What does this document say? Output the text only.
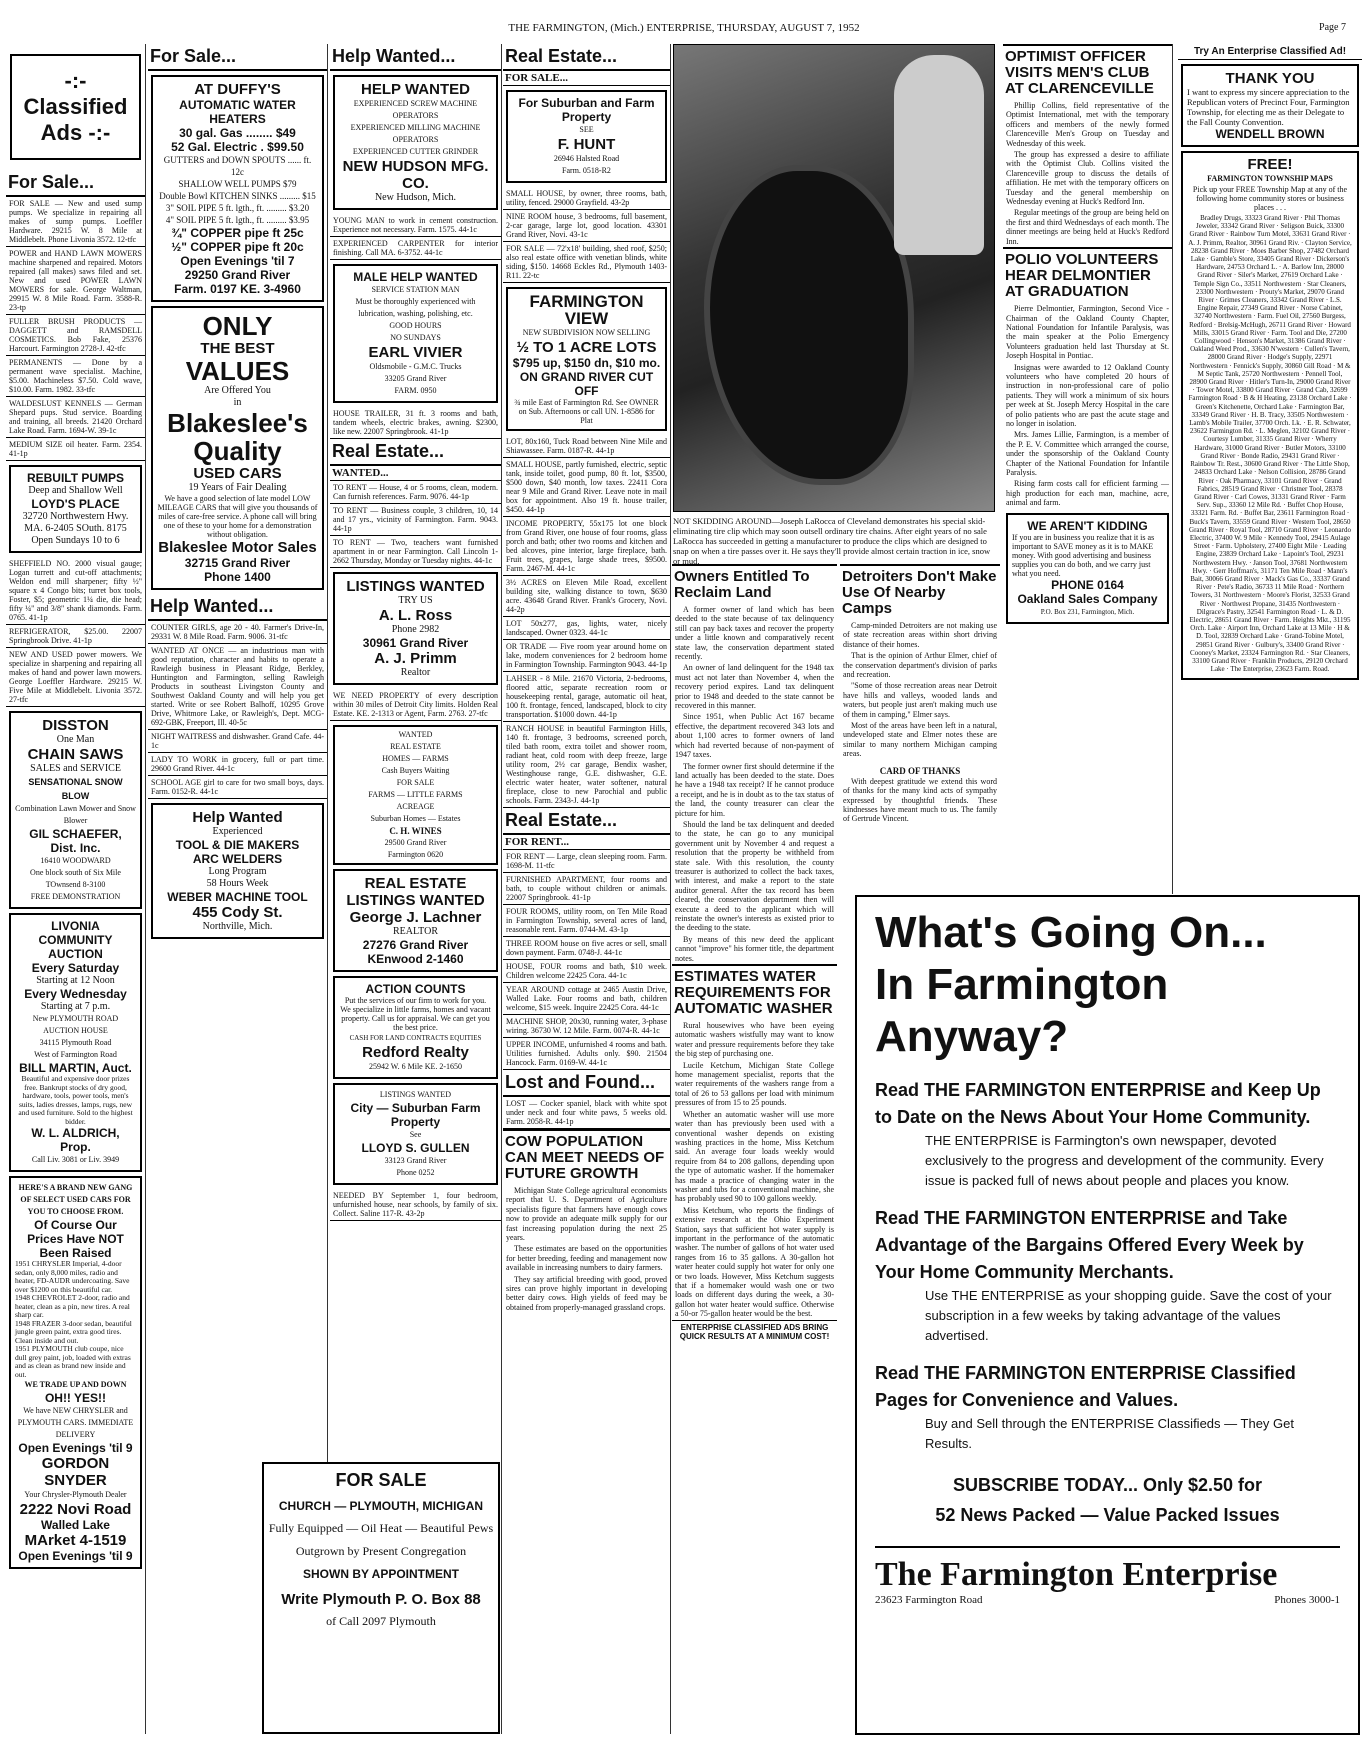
THE FARMINGTON, (Mich.) ENTERPRISE, THURSDAY, AUGUST 7, 1952	Page 7
-:- Classified Ads -:-
For Sale...
FOR SALE — New and used sump pumps. We specialize in repairing all makes of sump pumps. Loeffler Hardware. 29215 W. 8 Mile at Middlebelt. Phone Livonia 3572. 12-tfc
POWER and HAND LAWN MOWERS machine sharpened and repaired. Motors repaired (all makes) saws filed and set. New and used POWER LAWN MOWERS for sale. George Waltman, 29915 W. 8 Mile Road. Farm. 3588-R. 23-tp
FULLER BRUSH PRODUCTS — DAGGETT and RAMSDELL COSMETICS. Bob Fake, 25376 Harcourt. Farmington 2728-J. 42-tfc
PERMANENTS — Done by a permanent wave specialist. Machine, $5.00. Machineless $7.50. Cold wave, $10.00. Farm. 1982. 33-tfc
WALDESLUST KENNELS — German Shepard pups. Stud service. Boarding and training, all breeds. 21420 Orchard Lake Road. Farm. 1694-W. 39-1c
MEDIUM SIZE oil heater. Farm. 2354. 41-1p
REBUILT PUMPS
Deep and Shallow Well
LOYD'S PLACE
32720 Northwestern Hwy.
MA. 6-2405 SOuth. 8175
Open Sundays 10 to 6
SHEFFIELD NO. 2000 visual gauge; Logan turrett and cut-off attachments; Weldon end mill sharpener; fifty ½" square x 4 Congo bits; turret box tools, Foster, $5; geometric 1¼ die, die head; fifty ¼" and 3/8" shank diamonds. Farm. 0765. 41-1p
REFRIGERATOR, $25.00. 22007 Springbrook Drive. 41-1p
NEW AND USED power mowers. We specialize in sharpening and repairing all makes of hand and power lawn mowers. George Loeffler Hardware. 29215 W. Five Mile at Middlebelt. Livonia 3572. 27-tfc
DISSTON
One Man
CHAIN SAWS
SALES and SERVICE
SENSATIONAL SNOW BLOW
Combination Lawn Mower and Snow Blower
GIL SCHAEFER,
Dist. Inc.
16410 WOODWARD
One block south of Six Mile
TOwnsend 8-3100
FREE DEMONSTRATION
LIVONIA COMMUNITY AUCTION
Every Saturday
Starting at 12 Noon
Every Wednesday
Starting at 7 p.m.
New PLYMOUTH ROAD AUCTION HOUSE
34115 Plymouth Road
West of Farmington Road
BILL MARTIN, Auct.
Beautiful and expensive door prizes free. Bankrupt stocks of dry good, hardware, tools, power tools, men's suits, ladies dresses, lamps, rugs, new and used furniture. Sold to the highest bidder.
W. L. ALDRICH, Prop.
Call Liv. 3081 or Liv. 3949
HERE'S A BRAND NEW GANG OF SELECT USED CARS FOR YOU TO CHOOSE FROM.
Of Course Our Prices Have NOT Been Raised
1951 CHRYSLER Imperial, 4-door sedan, only 8,000 miles, radio and heater, FD-AUDR undercoating. Save over $1200 on this beautiful car.
1948 CHEVROLET 2-door, radio and heater, clean as a pin, new tires. A real sharp car.
1948 FRAZER 3-door sedan, beautiful jungle green paint, extra good tires. Clean inside and out.
1951 PLYMOUTH club coupe, nice dull grey paint, job, loaded with extras and as clean as brand new inside and out.
WE TRADE UP AND DOWN
OH!! YES!!
We have NEW CHRYSLER and PLYMOUTH CARS. IMMEDIATE DELIVERY
Open Evenings 'til 9
GORDON SNYDER
Your Chrysler-Plymouth Dealer
2222 Novi Road
Walled Lake
MArket 4-1519
Open Evenings 'til 9
For Sale...
AT DUFFY'S
AUTOMATIC WATER HEATERS
30 gal. Gas ........ $49
52 Gal. Electric . $99.50
GUTTERS and DOWN SPOUTS ...... ft. 12c
SHALLOW WELL PUMPS $79
Double Bowl KITCHEN SINKS ......... $15
3" SOIL PIPE 5 ft. lgth., ft. ......... $3.20
4" SOIL PIPE 5 ft. lgth., ft. ......... $3.95
¾" COPPER pipe ft 25c
½" COPPER pipe ft 20c
Open Evenings 'til 7
29250 Grand River
Farm. 0197 KE. 3-4960
ONLY
THE BEST
VALUES
Are Offered You
in
Blakeslee's
Quality
USED CARS
19 Years of Fair Dealing
We have a good selection of late model LOW MILEAGE CARS that will give you thousands of miles of care-free service. A phone call will bring one of these to your home for a demonstration without obligation.
Blakeslee Motor Sales
32715 Grand River
Phone 1400
Help Wanted...
COUNTER GIRLS, age 20 - 40. Farmer's Drive-In, 29331 W. 8 Mile Road. Farm. 9006. 31-tfc
WANTED AT ONCE — an industrious man with good reputation, character and habits to operate a Rawleigh business in Pleasant Ridge, Berkley, Huntington and Farmington, selling Rawleigh Products in southeast Livingston County and Southwest Oakland County and will help you get started. Write or see Robert Balhoff, 10295 Grove Drive, Whitmore Lake, or Rawleigh's, Dept. MCG-692-GBK, Freeport, Ill. 40-5c
NIGHT WAITRESS and dishwasher. Grand Cafe. 44-1c
LADY TO WORK in grocery, full or part time. 29600 Grand River. 44-1c
SCHOOL AGE girl to care for two small boys, days. Farm. 0152-R. 44-1c
Help Wanted
Experienced
TOOL & DIE MAKERS
ARC WELDERS
Long Program
58 Hours Week
WEBER MACHINE TOOL
455 Cody St.
Northville, Mich.
Help Wanted...
HELP WANTED
EXPERIENCED SCREW MACHINE OPERATORS
EXPERIENCED MILLING MACHINE OPERATORS
EXPERIENCED CUTTER GRINDER
NEW HUDSON MFG. CO.
New Hudson, Mich.
YOUNG MAN to work in cement construction. Experience not necessary. Farm. 1575. 44-1c
EXPERIENCED CARPENTER for interior finishing. Call MA. 6-3752. 44-1c
MALE HELP WANTED
SERVICE STATION MAN
Must be thoroughly experienced with lubrication, washing, polishing, etc.
GOOD HOURS
NO SUNDAYS
EARL VIVIER
Oldsmobile - G.M.C. Trucks
33205 Grand River
FARM. 0950
HOUSE TRAILER, 31 ft. 3 rooms and bath, tandem wheels, electric brakes, awning. $2300, like new. 22007 Springbrook. 41-1p
Real Estate...
WANTED...
TO RENT — House, 4 or 5 rooms, clean, modern. Can furnish references. Farm. 9076. 44-1p
TO RENT — Business couple, 3 children, 10, 14 and 17 yrs., vicinity of Farmington. Farm. 9043. 44-1p
TO RENT — Two, teachers want furnished apartment in or near Farmington. Call Lincoln 1-2662 Thursday, Monday or Tuesday nights. 44-1c
LISTINGS WANTED
TRY US
A. L. Ross
Phone 2982
30961 Grand River
A. J. Primm
Realtor
WE NEED PROPERTY of every description within 30 miles of Detroit City limits. Holden Real Estate. KE. 2-1313 or Agent, Farm. 2763. 27-tfc
WANTED
REAL ESTATE
HOMES — FARMS
Cash Buyers Waiting
FOR SALE
FARMS — LITTLE FARMS
ACREAGE
Suburban Homes — Estates
C. H. WINES
29500 Grand River
Farmington 0620
REAL ESTATE LISTINGS WANTED
George J. Lachner
REALTOR
27276 Grand River
KEnwood 2-1460
ACTION COUNTS
Put the services of our firm to work for you. We specialize in little farms, homes and vacant property. Call us for appraisal. We can get you the best price.
CASH FOR LAND CONTRACTS EQUITIES
Redford Realty
25942 W. 6 Mile KE. 2-1650
LISTINGS WANTED
City — Suburban Farm Property
See
LLOYD S. GULLEN
33123 Grand River
Phone 0252
NEEDED BY September 1, four bedroom, unfurnished house, near schools, by family of six. Collect. Saline 117-R. 43-2p
Real Estate...
FOR SALE...
For Suburban and Farm Property
SEE
F. HUNT
26946 Halsted Road
Farm. 0518-R2
SMALL HOUSE, by owner, three rooms, bath, utility, fenced. 29000 Grayfield. 43-2p
NINE ROOM house, 3 bedrooms, full basement, 2-car garage, large lot, good location. 43301 Grand River, Novi. 43-1c
FOR SALE — 72'x18' building, shed roof, $250; also real estate office with venetian blinds, white siding, $150. 14668 Eckles Rd., Plymouth 1403-R11. 22-tc
FARMINGTON VIEW
NEW SUBDIVISION NOW SELLING
½ TO 1 ACRE LOTS
$795 up, $150 dn, $10 mo.
ON GRAND RIVER CUT OFF
¾ mile East of Farmington Rd. See OWNER on Sub. Afternoons or call UN. 1-8586 for Plat
LOT, 80x160, Tuck Road between Nine Mile and Shiawassee. Farm. 0187-R. 44-1p
SMALL HOUSE, partly furnished, electric, septic tank, inside toilet, good pump, 80 ft. lot, $3500, $500 down, $40 month, low taxes. 22411 Cora near 9 Mile and Grand River. Leave note in mail box for appointment. Also 19 ft. house trailer, $450. 44-1p
INCOME PROPERTY, 55x175 lot one block from Grand River, one house of four rooms, glass porch and bath; other two rooms and kitchen and bed alcoves, pine interior, large fireplace, bath. Fruit trees, grapes, large shade trees, $9500. Farm. 2467-M. 44-1c
3½ ACRES on Eleven Mile Road, excellent building site, walking distance to town, $630 acre. 43648 Grand River. Frank's Grocery, Novi. 44-2p
LOT 50x277, gas, lights, water, nicely landscaped. Owner 0323. 44-1c
OR TRADE — Five room year around home on lake, modern conveniences for 2 bedroom home in Farmington Township. Farmington 9043. 44-1p
LAHSER - 8 Mile. 21670 Victoria, 2-bedrooms, floored attic, separate recreation room or housekeeping rental, garage, automatic oil heat, 100 ft. frontage, fenced, landscaped, block to city transportation. $1000 down. 44-1p
RANCH HOUSE in beautiful Farmington Hills, 140 ft. frontage, 3 bedrooms, screened porch, tiled bath room, extra toilet and shower room, radiant heat, cold room with deep freeze, large utility room, 2½ car garage, Bendix washer, Westinghouse range, G.E. dishwasher, G.E. electric water heater, water softener, natural fireplace, close to new Parochial and public schools. Farm. 2343-J. 44-1p
Real Estate...
FOR RENT...
FOR RENT — Large, clean sleeping room. Farm. 1698-M. 11-tfc
FURNISHED APARTMENT, four rooms and bath, to couple without children or animals. 22007 Springbrook. 41-1p
FOUR ROOMS, utility room, on Ten Mile Road in Farmington Township, several acres of land, reasonable rent. Farm. 0744-M. 43-1p
THREE ROOM house on five acres or sell, small down payment. Farm. 0748-J. 44-1c
HOUSE, FOUR rooms and bath, $10 week. Children welcome 22425 Cora. 44-1c
YEAR AROUND cottage at 2465 Austin Drive, Walled Lake. Four rooms and bath, children welcome, $15 week. Inquire 22425 Cora. 44-1c
MACHINE SHOP, 20x30, running water, 3-phase wiring. 36730 W. 12 Mile. Farm. 0074-R. 44-1c
UPPER INCOME, unfurnished 4 rooms and bath. Utilities furnished. Adults only. $90. 21504 Hancock. Farm. 0169-W. 44-1c
Lost and Found...
LOST — Cocker spaniel, black with white spot under neck and four white paws, 5 weeks old. Farm. 2058-R. 44-1p
COW POPULATION CAN MEET NEEDS OF FUTURE GROWTH

Michigan State College agricultural economists report that U. S. Department of Agriculture specialists figure that farmers have enough cows now to provide an adequate milk supply for our fast increasing population during the next 25 years.

These estimates are based on the opportunities for better breeding, feeding and management now available in increasing numbers to dairy farmers.

They say artificial breeding with good, proved sires can prove highly important in developing better dairy cows. High yields of feed may be obtained from properly-managed grassland crops.

FOR SALE
CHURCH — PLYMOUTH, MICHIGAN
Fully Equipped — Oil Heat — Beautiful Pews
Outgrown by Present Congregation
SHOWN BY APPOINTMENT
Write Plymouth P. O. Box 88
of Call 2097 Plymouth
NOT SKIDDING AROUND—Joseph LaRocca of Cleveland demonstrates his special skid-eliminating tire clip which may soon outsell ordinary tire chains. After eight years of no sale LaRocca has succeeded in getting a manufacturer to produce the clips which are designed to snap on when a tire passes over it. He says they'll provide almost certain traction in ice, snow or mud.
Owners Entitled To Reclaim Land

A former owner of land which has been deeded to the state because of tax delinquency still can pay back taxes and recover the property under a little known and comparatively recent state law, the conservation department stated recently.

An owner of land delinquent for the 1948 tax must act not later than November 4, when the recovery period expires. Land tax delinquent prior to 1948 and deeded to the state cannot be recovered in this manner.

Since 1951, when Public Act 167 became effective, the department recovered 343 lots and about 1,100 acres to former owners of land which had reverted because of non-payment of 1947 taxes.

The former owner first should determine if the land actually has been deeded to the state. Does he have a 1948 tax receipt? If he cannot produce a receipt, and he is in doubt as to the tax status of the land, the county treasurer can clear the picture for him.

Should the land be tax delinquent and deeded to the state, he can go to any municipal government unit by November 4 and request a resolution that the property be withheld from state sale. With this resolution, the county treasurer is authorized to collect the back taxes, with interest, and make a report to the state auditor general. After the tax record has been cleared, the conservation department then will execute a deed to the applicant which will reinstate the owner's interests as existed prior to the deeding to the state.

By means of this new deed the applicant cannot "improve" his former title, the department notes.

ESTIMATES WATER REQUIREMENTS FOR AUTOMATIC WASHER

Rural housewives who have been eyeing automatic washers wistfully may want to know water and pressure requirements before they take the big step of purchasing one.

Lucile Ketchum, Michigan State College home management specialist, reports that the water requirements of the washers range from a total of 26 to 53 gallons per load with minimum pressures of from 15 to 25 pounds.

Whether an automatic washer will use more water than has previously been used with a conventional washer depends on existing washing practices in the home, Miss Ketchum said. An average four loads weekly would require from 84 to 208 gallons, depending upon the type of automatic washer. If the homemaker has made a practice of changing water in the washer and tubs for a conventional machine, she has probably used 90 to 100 gallons weekly.

Miss Ketchum, who reports the findings of extensive research at the Ohio Experiment Station, says that sufficient hot water supply is important in the performance of the automatic washer. The number of gallons of hot water used ranges from 16 to 35 gallons. A 30-gallon hot water heater could supply hot water for only one or two loads. However, Miss Ketchum suggests that if a homemaker would wash one or two loads on different days during the week, a 30-gallon hot water heater would suffice. Otherwise a 50-or 75-gallon heater would be the best.

ENTERPRISE CLASSIFIED ADS BRING QUICK RESULTS AT A MINIMUM COST!
Detroiters Don't Make Use Of Nearby Camps

Camp-minded Detroiters are not making use of state recreation areas within short driving distance of their homes.

That is the opinion of Arthur Elmer, chief of the conservation department's division of parks and recreation.

"Some of those recreation areas near Detroit have hills and valleys, wooded lands and waters, but people just aren't making much use of them in camping," Elmer says.

Most of the areas have been left in a natural, undeveloped state and Elmer notes these are similar to many northern Michigan camping areas.

CARD OF THANKS

With deepest gratitude we extend this word of thanks for the many kind acts of sympathy expressed by thoughtful friends. These kindnesses have meant much to us. The family of Gertrude Vincent.

OPTIMIST OFFICER VISITS MEN'S CLUB AT CLARENCEVILLE

Phillip Collins, field representative of the Optimist International, met with the temporary officers and members of the newly formed Clarenceville Men's Group on Tuesday and Wednesday of this week.

The group has expressed a desire to affiliate with the Optimist Club. Collins visited the Clarenceville group to discuss the details of affiliation. He met with the temporary officers on Tuesday and the general membership on Wednesday evening at Huck's Redford Inn.

Regular meetings of the group are being held on the first and third Wednesdays of each month. The dinner meetings are being held at Huck's Redford Inn.

POLIO VOLUNTEERS HEAR DELMONTIER AT GRADUATION

Pierre Delmontier, Farmington, Second Vice - Chairman of the Oakland County Chapter, National Foundation for Infantile Paralysis, was the main speaker at the Polio Emergency Volunteers graduation held last Thursday at St. Joseph Hospital in Pontiac.

Insignas were awarded to 12 Oakland County volunteers who have completed 20 hours of instruction in non-professional care of polio patients. They will work a minimum of six hours per week at St. Joseph Mercy Hospital in the care of polio patients who are past the acute stage and no longer in isolation.

Mrs. James Lillie, Farmington, is a member of the P. E. V. Committee which arranged the course, under the sponsorship of the Oakland County Chapter of the National Foundation for Infantile Paralysis.

Rising farm costs call for efficient farming — high production for each man, machine, acre, animal and farm.

WE AREN'T KIDDING
If you are in business you realize that it is as important to SAVE money as it is to MAKE money. With good advertising and business supplies you can do both, and we carry just what you need.
PHONE 0164
Oakland Sales Company
P.O. Box 231, Farmington, Mich.
Try An Enterprise Classified Ad!
THANK YOU
I want to express my sincere appreciation to the Republican voters of Precinct Four, Farmington Township, for electing me as their Delegate to the Fall County Convention.
WENDELL BROWN
FREE!
FARMINGTON TOWNSHIP MAPS
Pick up your FREE Township Map at any of the following home community stores or business places . . .
Bradley Drugs, 33323 Grand River · Phil Thomas Jeweler, 33342 Grand River · Seligson Buick, 33300 Grand River · Rainbow Turn Motel, 33631 Grand River · A. J. Primm, Realtor, 30961 Grand Riv. · Clayton Service, 28238 Grand River · Moes Barber Shop, 27482 Orchard Lake · Gamble's Store, 33405 Grand River · Dickerson's Hardware, 24753 Orchard L. · A. Barlow Inn, 28000 Grand River · Siler's Market, 27619 Orchard Lake · Temple Sign Co., 33511 Northwestern · Star Cleaners, 23300 Northwestern · Prouty's Market, 29070 Grand River · Grimes Cleaners, 33342 Grand River · L.S. Engine Repair, 27349 Grand River · Norse Cabinet, 32740 Northwestern · Farm. Fuel Oil, 27560 Burgess, Redford · Brelsig-McHugh, 26711 Grand River · Howard Mills, 33015 Grand River · Farm. Tool and Die, 27200 Collingwood · Henson's Market, 31386 Grand River · Oakland Weed Prod., 33630 N'western · Cullen's Tavern, 28000 Grand River · Hodge's Supply, 22971 Northwestern · Fennick's Supply, 30860 Gill Road · M & M Septic Tank, 25720 Northwestern · Pennell Tool, 28900 Grand River · Hitler's Turn-In, 29000 Grand River · Tower Motel, 33800 Grand River · Grand Cab, 32699 Farmington Road · B & H Heating, 23138 Orchard Lake · Green's Kitchenette, Orchard Lake · Farmington Bar, 33349 Grand River · H. B. Tracy, 33505 Northwestern · Lamb's Mobile Trailer, 37700 Orch. Lk. · E. R. Schwater, 23622 Farmington Rd. · L. Meglen, 32102 Grand River · Courtesy Lumber, 31335 Grand River · Wherry Hardware, 31000 Grand River · Butler Motors, 33100 Grand River · Bonde Radio, 29431 Grand River · Rainbow Tr. Rest., 30600 Grand River · The Little Shop, 24833 Orchard Lake · Nelson Collision, 28786 Grand River · Oak Pharmacy, 33101 Grand River · Grand Fabrics, 28519 Grand River · Christner Tool, 28378 Grand River · Carl Cowes, 31331 Grand River · Farm Serv. Sup., 33360 12 Mile Rd. · Buffet Chop House, 33321 Farm. Rd. · Buffet Bar, 23611 Farmington Road · Buck's Tavern, 33559 Grand River · Western Tool, 28650 Grand River · Royal Tool, 28710 Grand River · Leonardo Electric, 37400 W. 9 Mile · Kennedy Tool, 29415 Aulage Street · Farm. Upholstery, 27400 Eight Mile · Leading Engine, 23839 Orchard Lake · Lapoint's Tool, 29231 Northwestern Hwy. · Janson Tool, 37681 Northwestern Hwy. · Gerr Hoffman's, 31171 Ten Mile Road · Mann's Bait, 30066 Grand River · Mack's Gas Co., 33337 Grand River · Pete's Radio, 36733 11 Mile Road · Northern Towers, 31 Northwestern · Moore's Florist, 32533 Grand River · Northwest Propane, 31435 Northwestern · Dilgrace's Pastry, 32541 Farmington Road · L. & D. Electric, 28651 Grand River · Farm. Heights Mkt., 31195 Orch. Lake · Airport Inn, Orchard Lake at 13 Mile · H & D. Tool, 32839 Orchard Lake · Grand-Tobine Motel, 29851 Grand River · Gulbury's, 33400 Grand River · Cooney's Market, 23324 Farmington Rd. · Star Cleaners, 33100 Grand River · Franklin Products, 29120 Orchard Lake · The Enterprise, 23623 Farm. Road.
What's Going On...
In Farmington Anyway?
Read THE FARMINGTON ENTERPRISE and Keep Up to Date on the News About Your Home Community.
THE ENTERPRISE is Farmington's own newspaper, devoted exclusively to the progress and development of the community. Every issue is packed full of news about people and places you know.
Read THE FARMINGTON ENTERPRISE and Take Advantage of the Bargains Offered Every Week by Your Home Community Merchants.
Use THE ENTERPRISE as your shopping guide. Save the cost of your subscription in a few weeks by taking advantage of the values advertised.
Read THE FARMINGTON ENTERPRISE Classified Pages for Convenience and Values.
Buy and Sell through the ENTERPRISE Classifieds — They Get Results.
SUBSCRIBE TODAY... Only $2.50 for
52 News Packed — Value Packed Issues
The Farmington Enterprise
23623 Farmington Road	Phones 3000-1
